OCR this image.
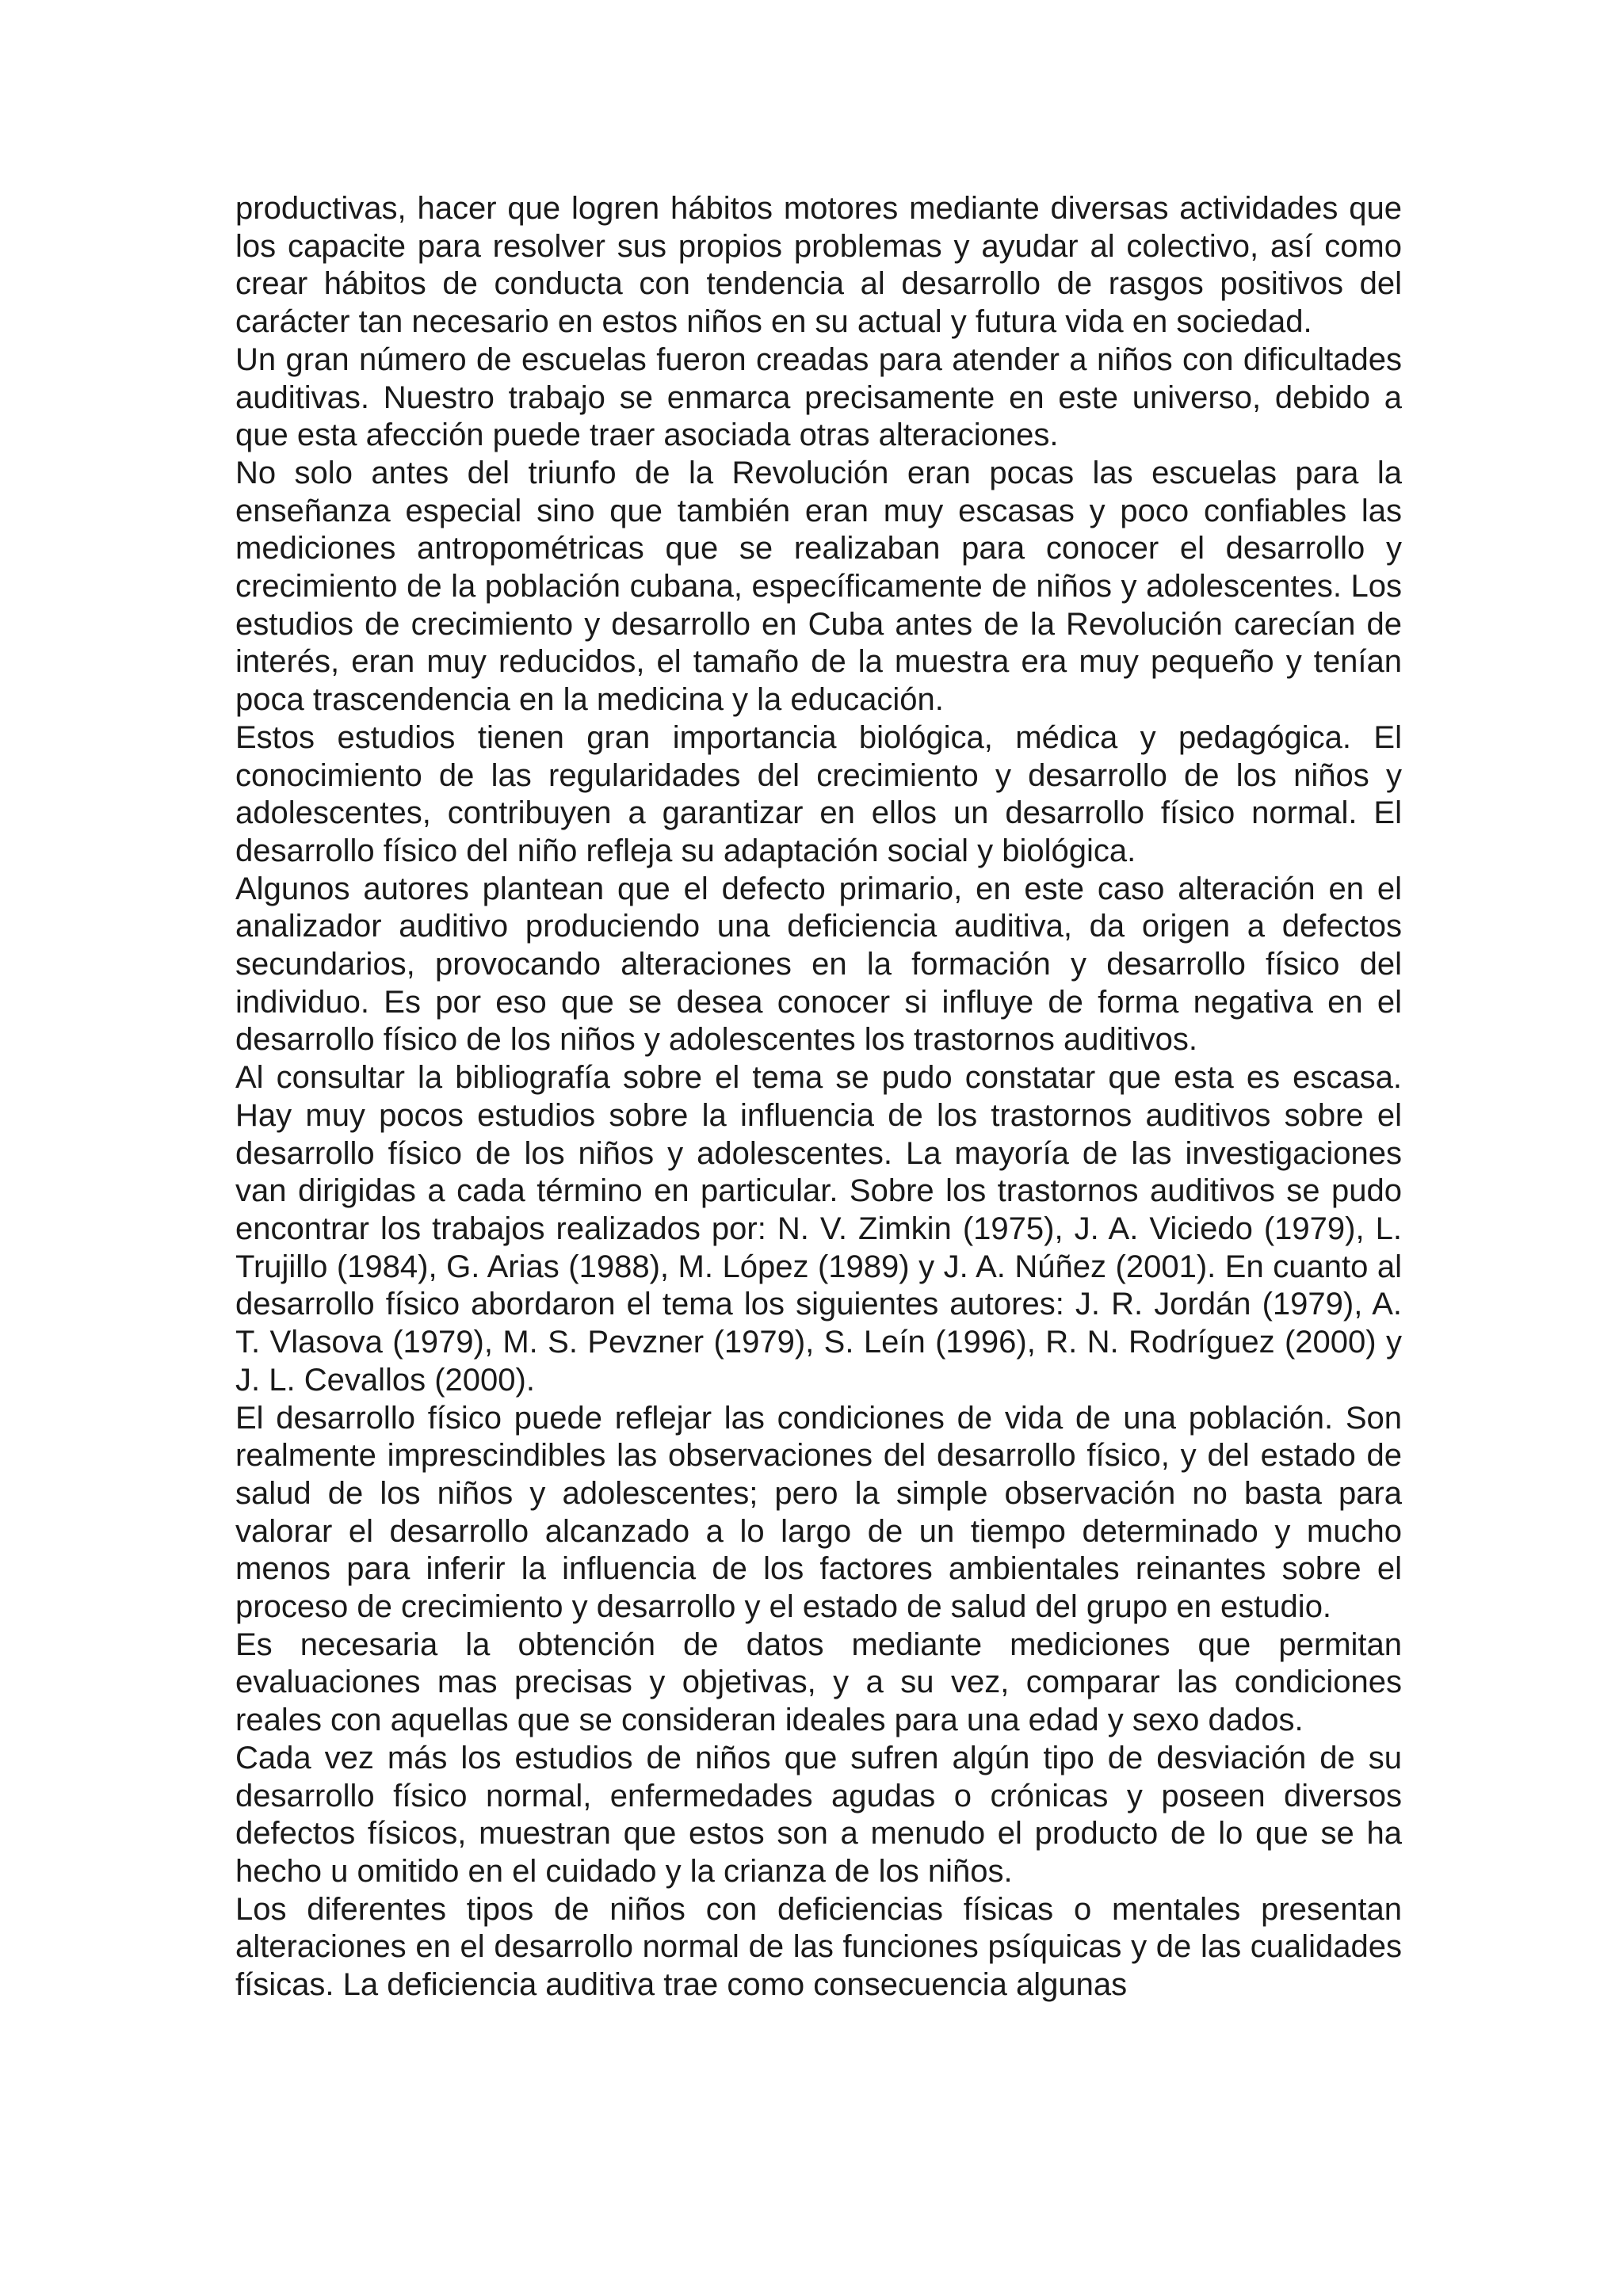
productivas, hacer que logren hábitos motores mediante diversas actividades que los capacite para resolver sus propios problemas y ayudar al colectivo, así como crear hábitos de conducta con tendencia al desarrollo de rasgos positivos del carácter tan necesario en estos niños en su actual y futura vida en sociedad.

Un gran número de escuelas fueron creadas para atender a niños con dificultades auditivas. Nuestro trabajo se enmarca precisamente en este universo, debido a que esta afección puede traer asociada otras alteraciones.

No solo antes del triunfo de la Revolución eran pocas las escuelas para la enseñanza especial sino que también eran muy escasas y poco confiables las mediciones antropométricas que se realizaban para conocer el desarrollo y crecimiento de la población cubana, específicamente de niños y adolescentes. Los estudios de crecimiento y desarrollo en Cuba antes de la Revolución carecían de interés, eran muy reducidos, el tamaño de la muestra era muy pequeño y tenían poca trascendencia en la medicina y la educación.

Estos estudios tienen gran importancia biológica, médica y pedagógica. El conocimiento de las regularidades del crecimiento y desarrollo de los niños y adolescentes, contribuyen a garantizar en ellos un desarrollo físico normal. El desarrollo físico del niño refleja su adaptación social y biológica.

Algunos autores plantean que el defecto primario, en este caso alteración en el analizador auditivo produciendo una deficiencia auditiva, da origen a defectos secundarios, provocando alteraciones en la formación y desarrollo físico del individuo. Es por eso que se desea conocer si influye de forma negativa en el desarrollo físico de los niños y adolescentes los trastornos auditivos.

Al consultar la bibliografía sobre el tema se pudo constatar que esta es escasa. Hay muy pocos estudios sobre la influencia de los trastornos auditivos sobre el desarrollo físico de los niños y adolescentes. La mayoría de las investigaciones van dirigidas a cada término en particular. Sobre los trastornos auditivos se pudo encontrar los trabajos realizados por: N. V. Zimkin (1975), J. A. Viciedo (1979), L. Trujillo (1984), G. Arias (1988), M. López (1989) y J. A. Núñez (2001). En cuanto al desarrollo físico abordaron el tema los siguientes autores: J. R. Jordán (1979), A. T. Vlasova (1979), M. S. Pevzner (1979), S. Leín (1996), R. N. Rodríguez (2000) y J. L. Cevallos (2000).

El desarrollo físico puede reflejar las condiciones de vida de una población. Son realmente imprescindibles las observaciones del desarrollo físico, y del estado de salud de los niños y adolescentes; pero la simple observación no basta para valorar el desarrollo alcanzado a lo largo de un tiempo determinado y mucho menos para inferir la influencia de los factores ambientales reinantes sobre el proceso de crecimiento y desarrollo y el estado de salud del grupo en estudio.

Es necesaria la obtención de datos mediante mediciones que permitan evaluaciones mas precisas y objetivas, y a su vez, comparar las condiciones reales con aquellas que se consideran ideales para una edad y sexo dados.

Cada vez más los estudios de niños que sufren algún tipo de desviación de su desarrollo físico normal, enfermedades agudas o crónicas y poseen diversos defectos físicos, muestran que estos son a menudo el producto de lo que se ha hecho u omitido en el cuidado y la crianza de los niños.

Los diferentes tipos de niños con deficiencias físicas o mentales presentan alteraciones en el desarrollo normal de las funciones psíquicas y de las cualidades físicas. La deficiencia auditiva trae como consecuencia algunas
